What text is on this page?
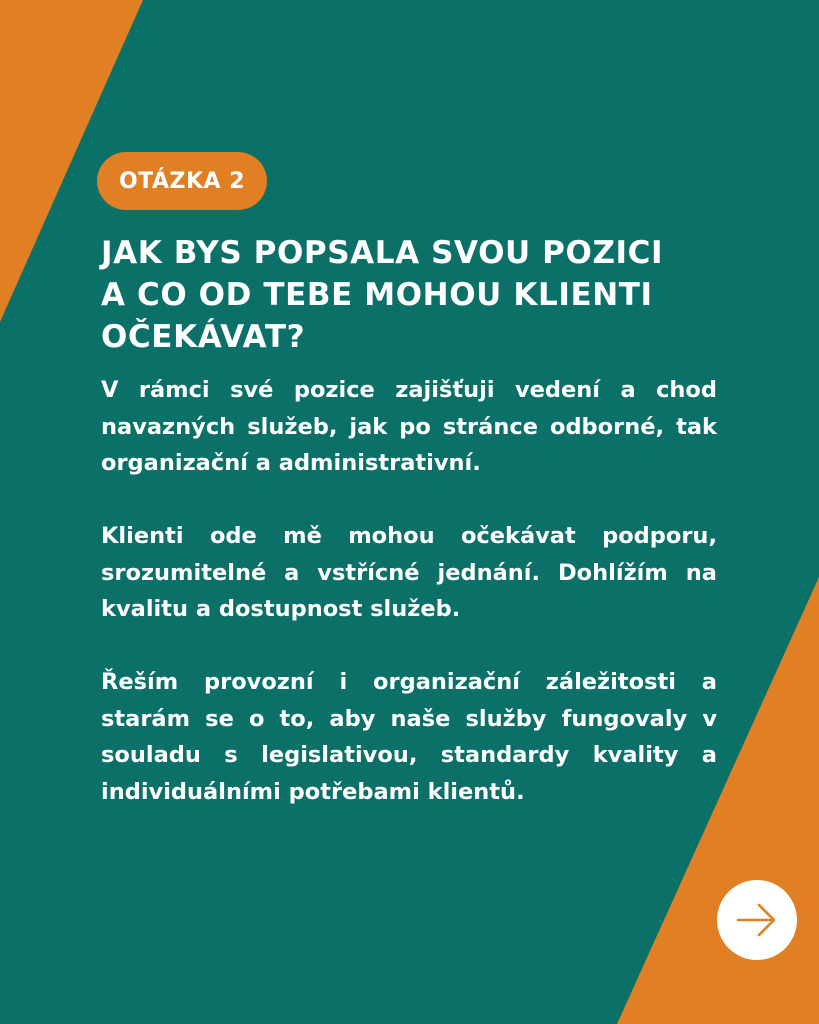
OTÁZKA 2
JAK BYS POPSALA SVOU POZICI
A CO OD TEBE MOHOU KLIENTI
OČEKÁVAT?

V rámci své pozice zajišťuji vedení a chod navazných služeb, jak po stránce odborné, tak organizační a administrativní.

Klienti ode mě mohou očekávat podporu, srozumitelné a vstřícné jednání. Dohlížím na kvalitu a dostupnost služeb.

Řeším provozní i organizační záležitosti a starám se o to, aby naše služby fungovaly v souladu s legislativou, standardy kvality a individuálními potřebami klientů.
